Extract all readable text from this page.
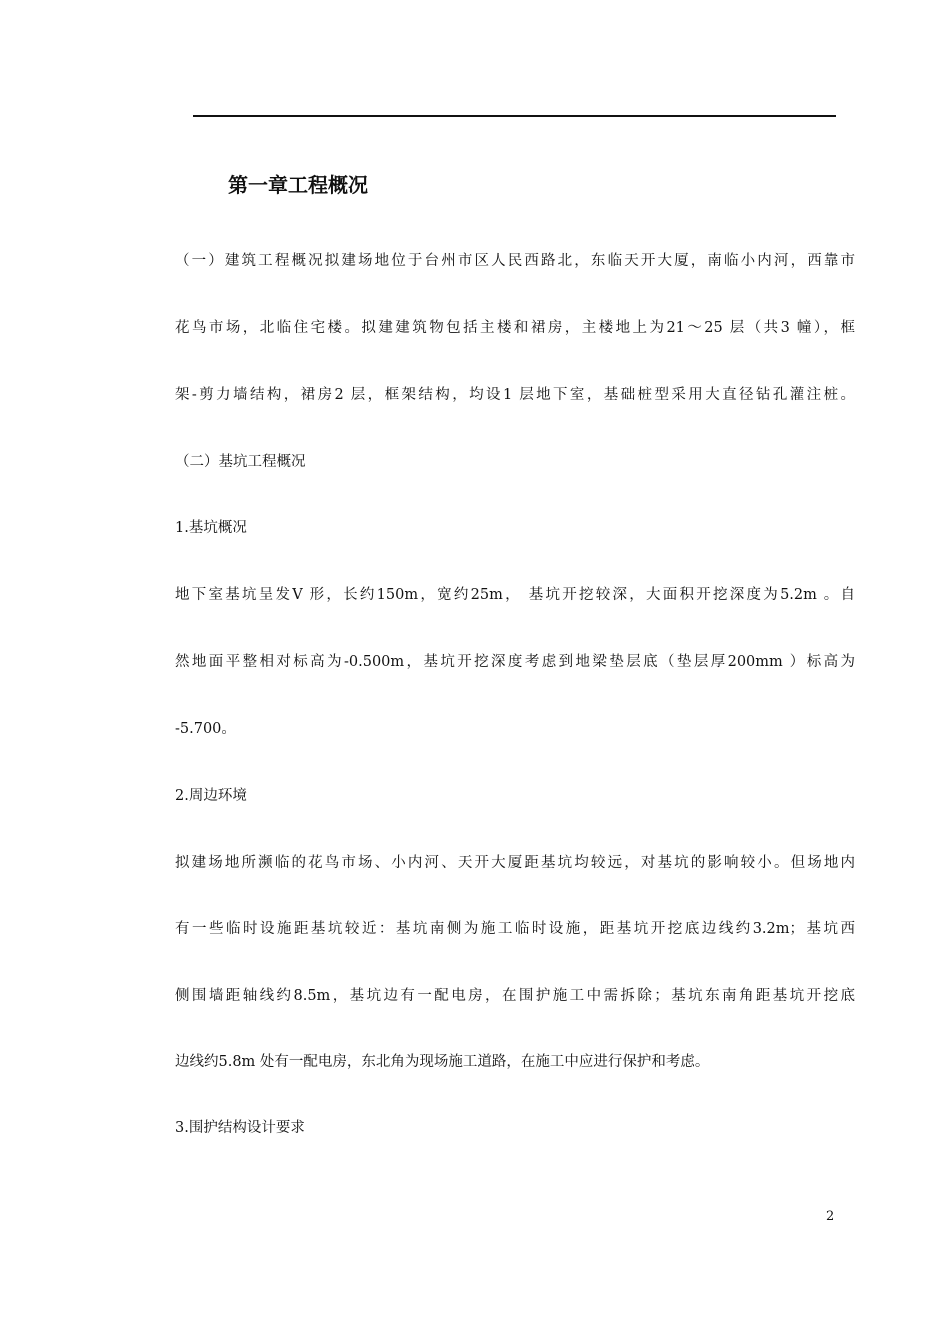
第一章工程概况
（一）建筑工程概况拟建场地位于台州市区人民西路北，东临天开大厦，南临小内河，西靠市
花鸟市场，北临住宅楼。拟建建筑物包括主楼和裙房，主楼地上为21～25 层（共3 幢），框
架-剪力墙结构，裙房2 层，框架结构，均设1 层地下室，基础桩型采用大直径钻孔灌注桩。
（二）基坑工程概况
1.基坑概况
地下室基坑呈发V 形，长约150m，宽约25m， 基坑开挖较深，大面积开挖深度为5.2m 。自
然地面平整相对标高为-0.500m，基坑开挖深度考虑到地梁垫层底（垫层厚200mm ）标高为
-5.700。
2.周边环境
拟建场地所濒临的花鸟市场、小内河、天开大厦距基坑均较远，对基坑的影响较小。但场地内
有一些临时设施距基坑较近：基坑南侧为施工临时设施，距基坑开挖底边线约3.2m；基坑西
侧围墙距轴线约8.5m，基坑边有一配电房，在围护施工中需拆除；基坑东南角距基坑开挖底
边线约5.8m 处有一配电房，东北角为现场施工道路，在施工中应进行保护和考虑。
3.围护结构设计要求
2
